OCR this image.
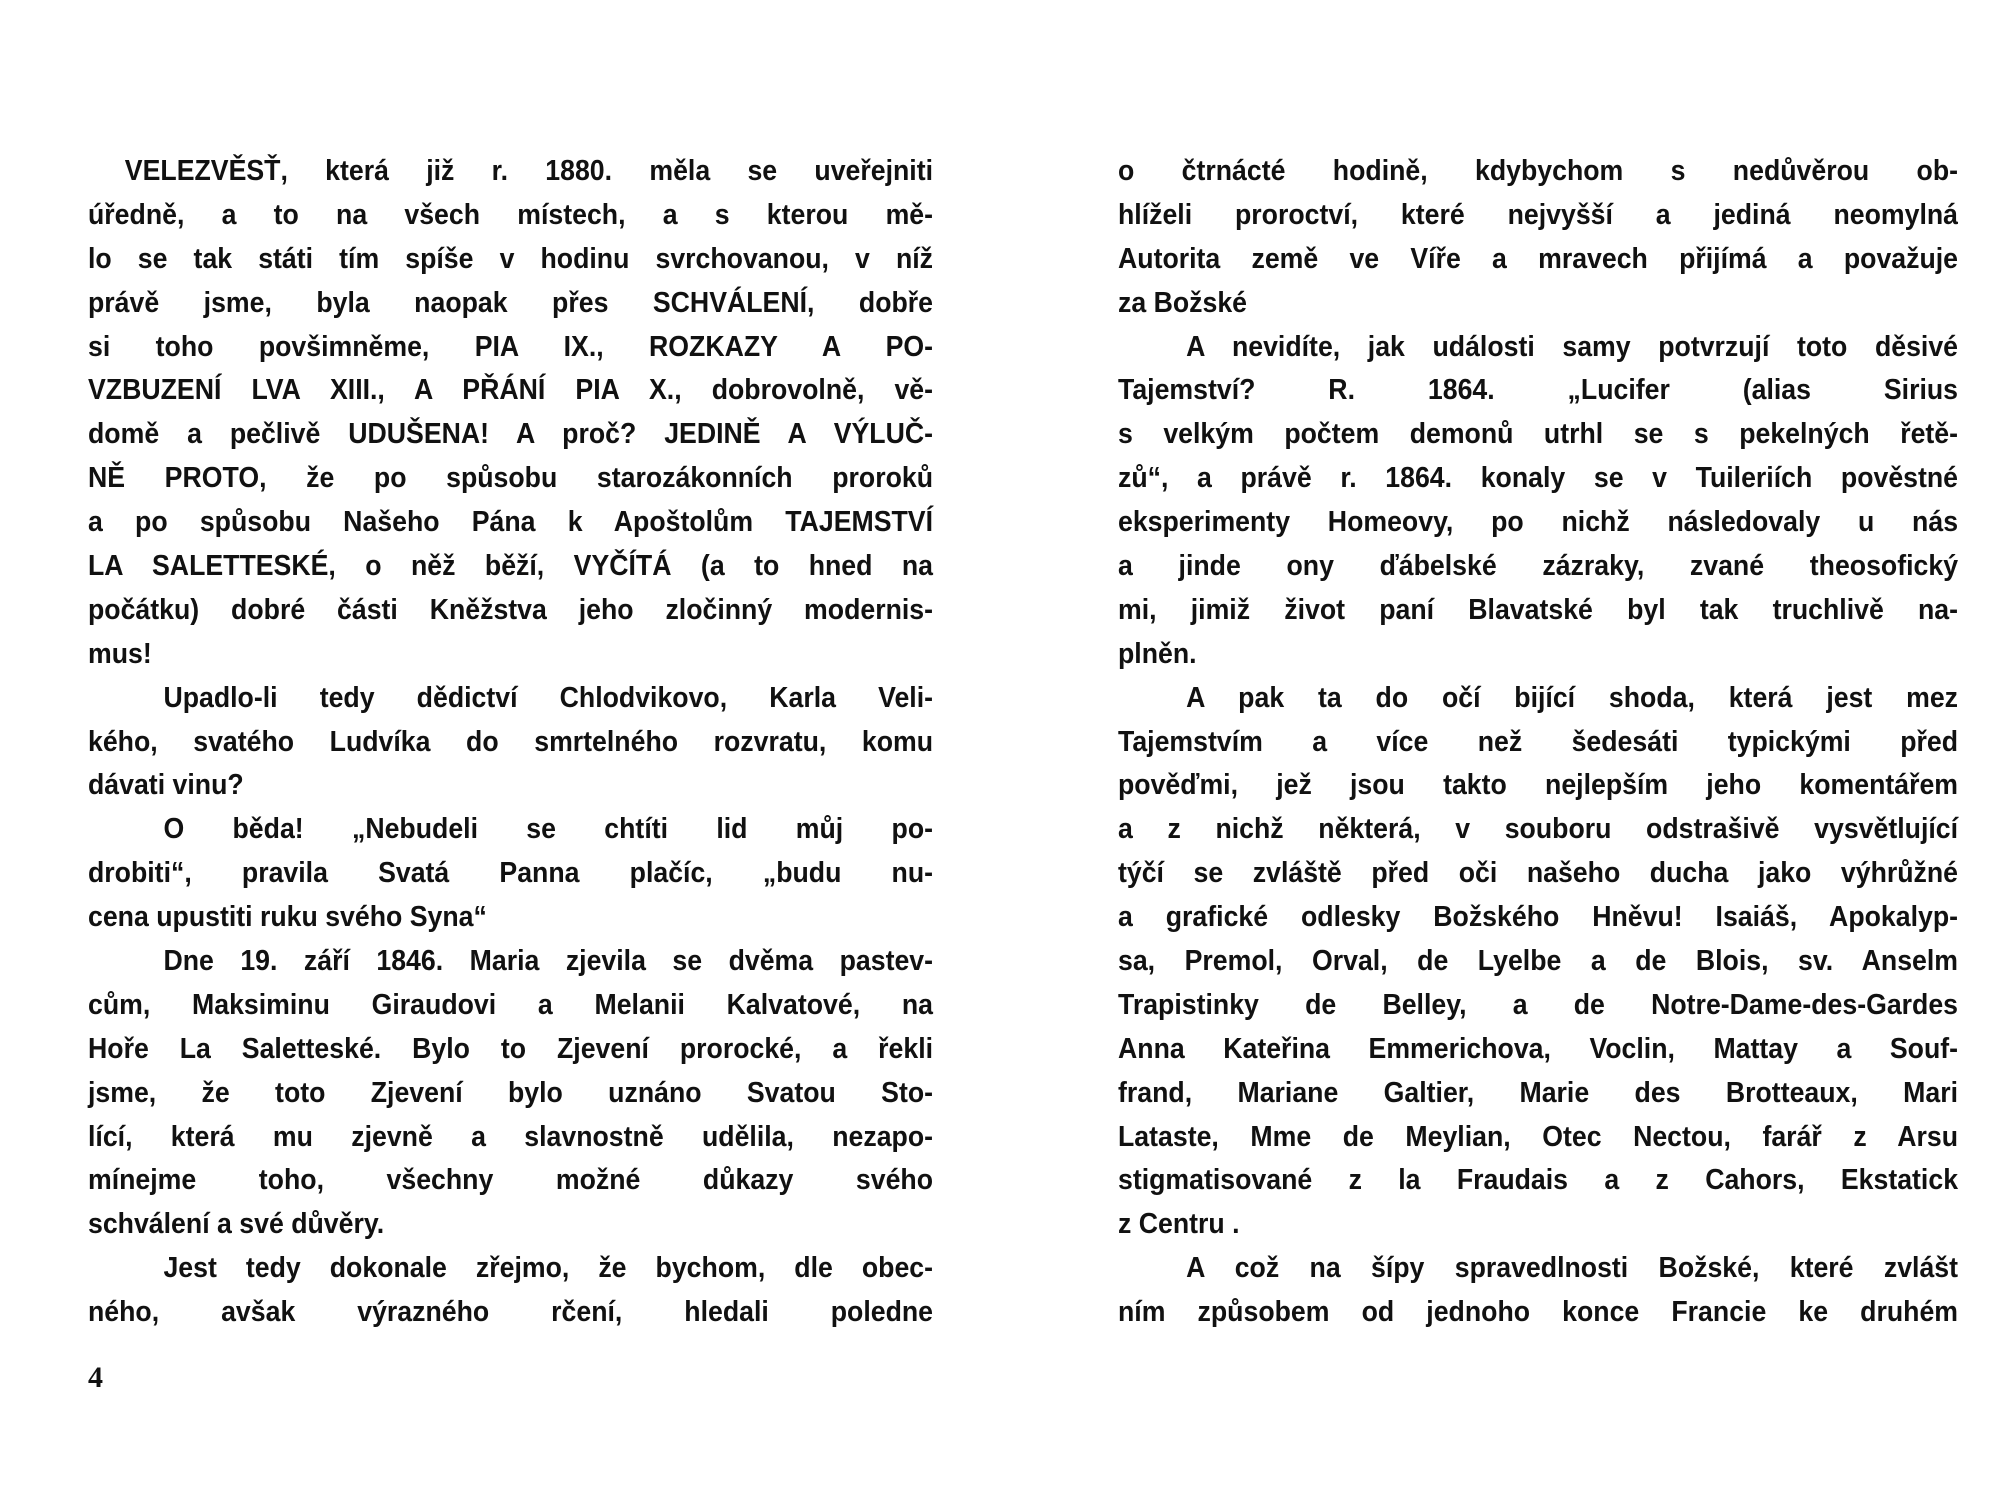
VELEZVĚSŤ, která již r. 1880. měla se uveřejniti
úředně, a to na všech místech, a s kterou mě-
lo se tak státi tím spíše v hodinu svrchovanou, v níž
právě jsme, byla naopak přes SCHVÁLENÍ, dobře
si toho povšimněme, PIA IX., ROZKAZY A PO-
VZBUZENÍ LVA XIII., A PŘÁNÍ PIA X., dobrovolně, vě-
domě a pečlivě UDUŠENA! A proč? JEDINĚ A VÝLUČ-
NĚ PROTO, že po spůsobu starozákonních proroků
a po spůsobu Našeho Pána k Apoštolům TAJEMSTVÍ
LA SALETTESKÉ, o něž běží, VYČÍTÁ (a to hned na
počátku) dobré části Kněžstva jeho zločinný modernis-
mus!
Upadlo-li tedy dědictví Chlodvikovo, Karla Veli-
kého, svatého Ludvíka do smrtelného rozvratu, komu
dávati vinu?
O běda! „Nebudeli se chtíti lid můj po-
drobiti“, pravila Svatá Panna plačíc, „budu nu-
cena upustiti ruku svého Syna“
Dne 19. září 1846. Maria zjevila se dvěma pastev-
cům, Maksiminu Giraudovi a Melanii Kalvatové, na
Hoře La Saletteské. Bylo to Zjevení prorocké, a řekli
jsme, že toto Zjevení bylo uznáno Svatou Sto-
lící, která mu zjevně a slavnostně udělila, nezapo-
mínejme toho, všechny možné důkazy svého
schválení a své důvěry.
Jest tedy dokonale zřejmo, že bychom, dle obec-
ného, avšak výrazného rčení, hledali poledne
4
o čtrnácté hodině, kdybychom s nedůvěrou ob-
hlíželi proroctví, které nejvyšší a jediná neomylná
Autorita země ve Víře a mravech přijímá a považuje
za Božské
A nevidíte, jak události samy potvrzují toto děsivé
Tajemství? R. 1864. „Lucifer (alias Sirius
s velkým počtem demonů utrhl se s pekelných řetě-
zů“, a právě r. 1864. konaly se v Tuileriích pověstné
eksperimenty Homeovy, po nichž následovaly u nás
a jinde ony ďábelské zázraky, zvané theosofický
mi, jimiž život paní Blavatské byl tak truchlivě na-
plněn.
A pak ta do očí bijící shoda, která jest mez
Tajemstvím a více než šedesáti typickými před
pověďmi, jež jsou takto nejlepším jeho komentářem
a z nichž některá, v souboru odstrašivě vysvětlující
týčí se zvláště před oči našeho ducha jako výhrůžné
a grafické odlesky Božského Hněvu! Isaiáš, Apokalyp-
sa, Premol, Orval, de Lyelbe a de Blois, sv. Anselm
Trapistinky de Belley, a de Notre-Dame-des-Gardes
Anna Kateřina Emmerichova, Voclin, Mattay a Souf-
frand, Mariane Galtier, Marie des Brotteaux, Mari
Lataste, Mme de Meylian, Otec Nectou, farář z Arsu
stigmatisované z la Fraudais a z Cahors, Ekstatick
z Centru .
A což na šípy spravedlnosti Božské, které zvlášt
ním způsobem od jednoho konce Francie ke druhém
